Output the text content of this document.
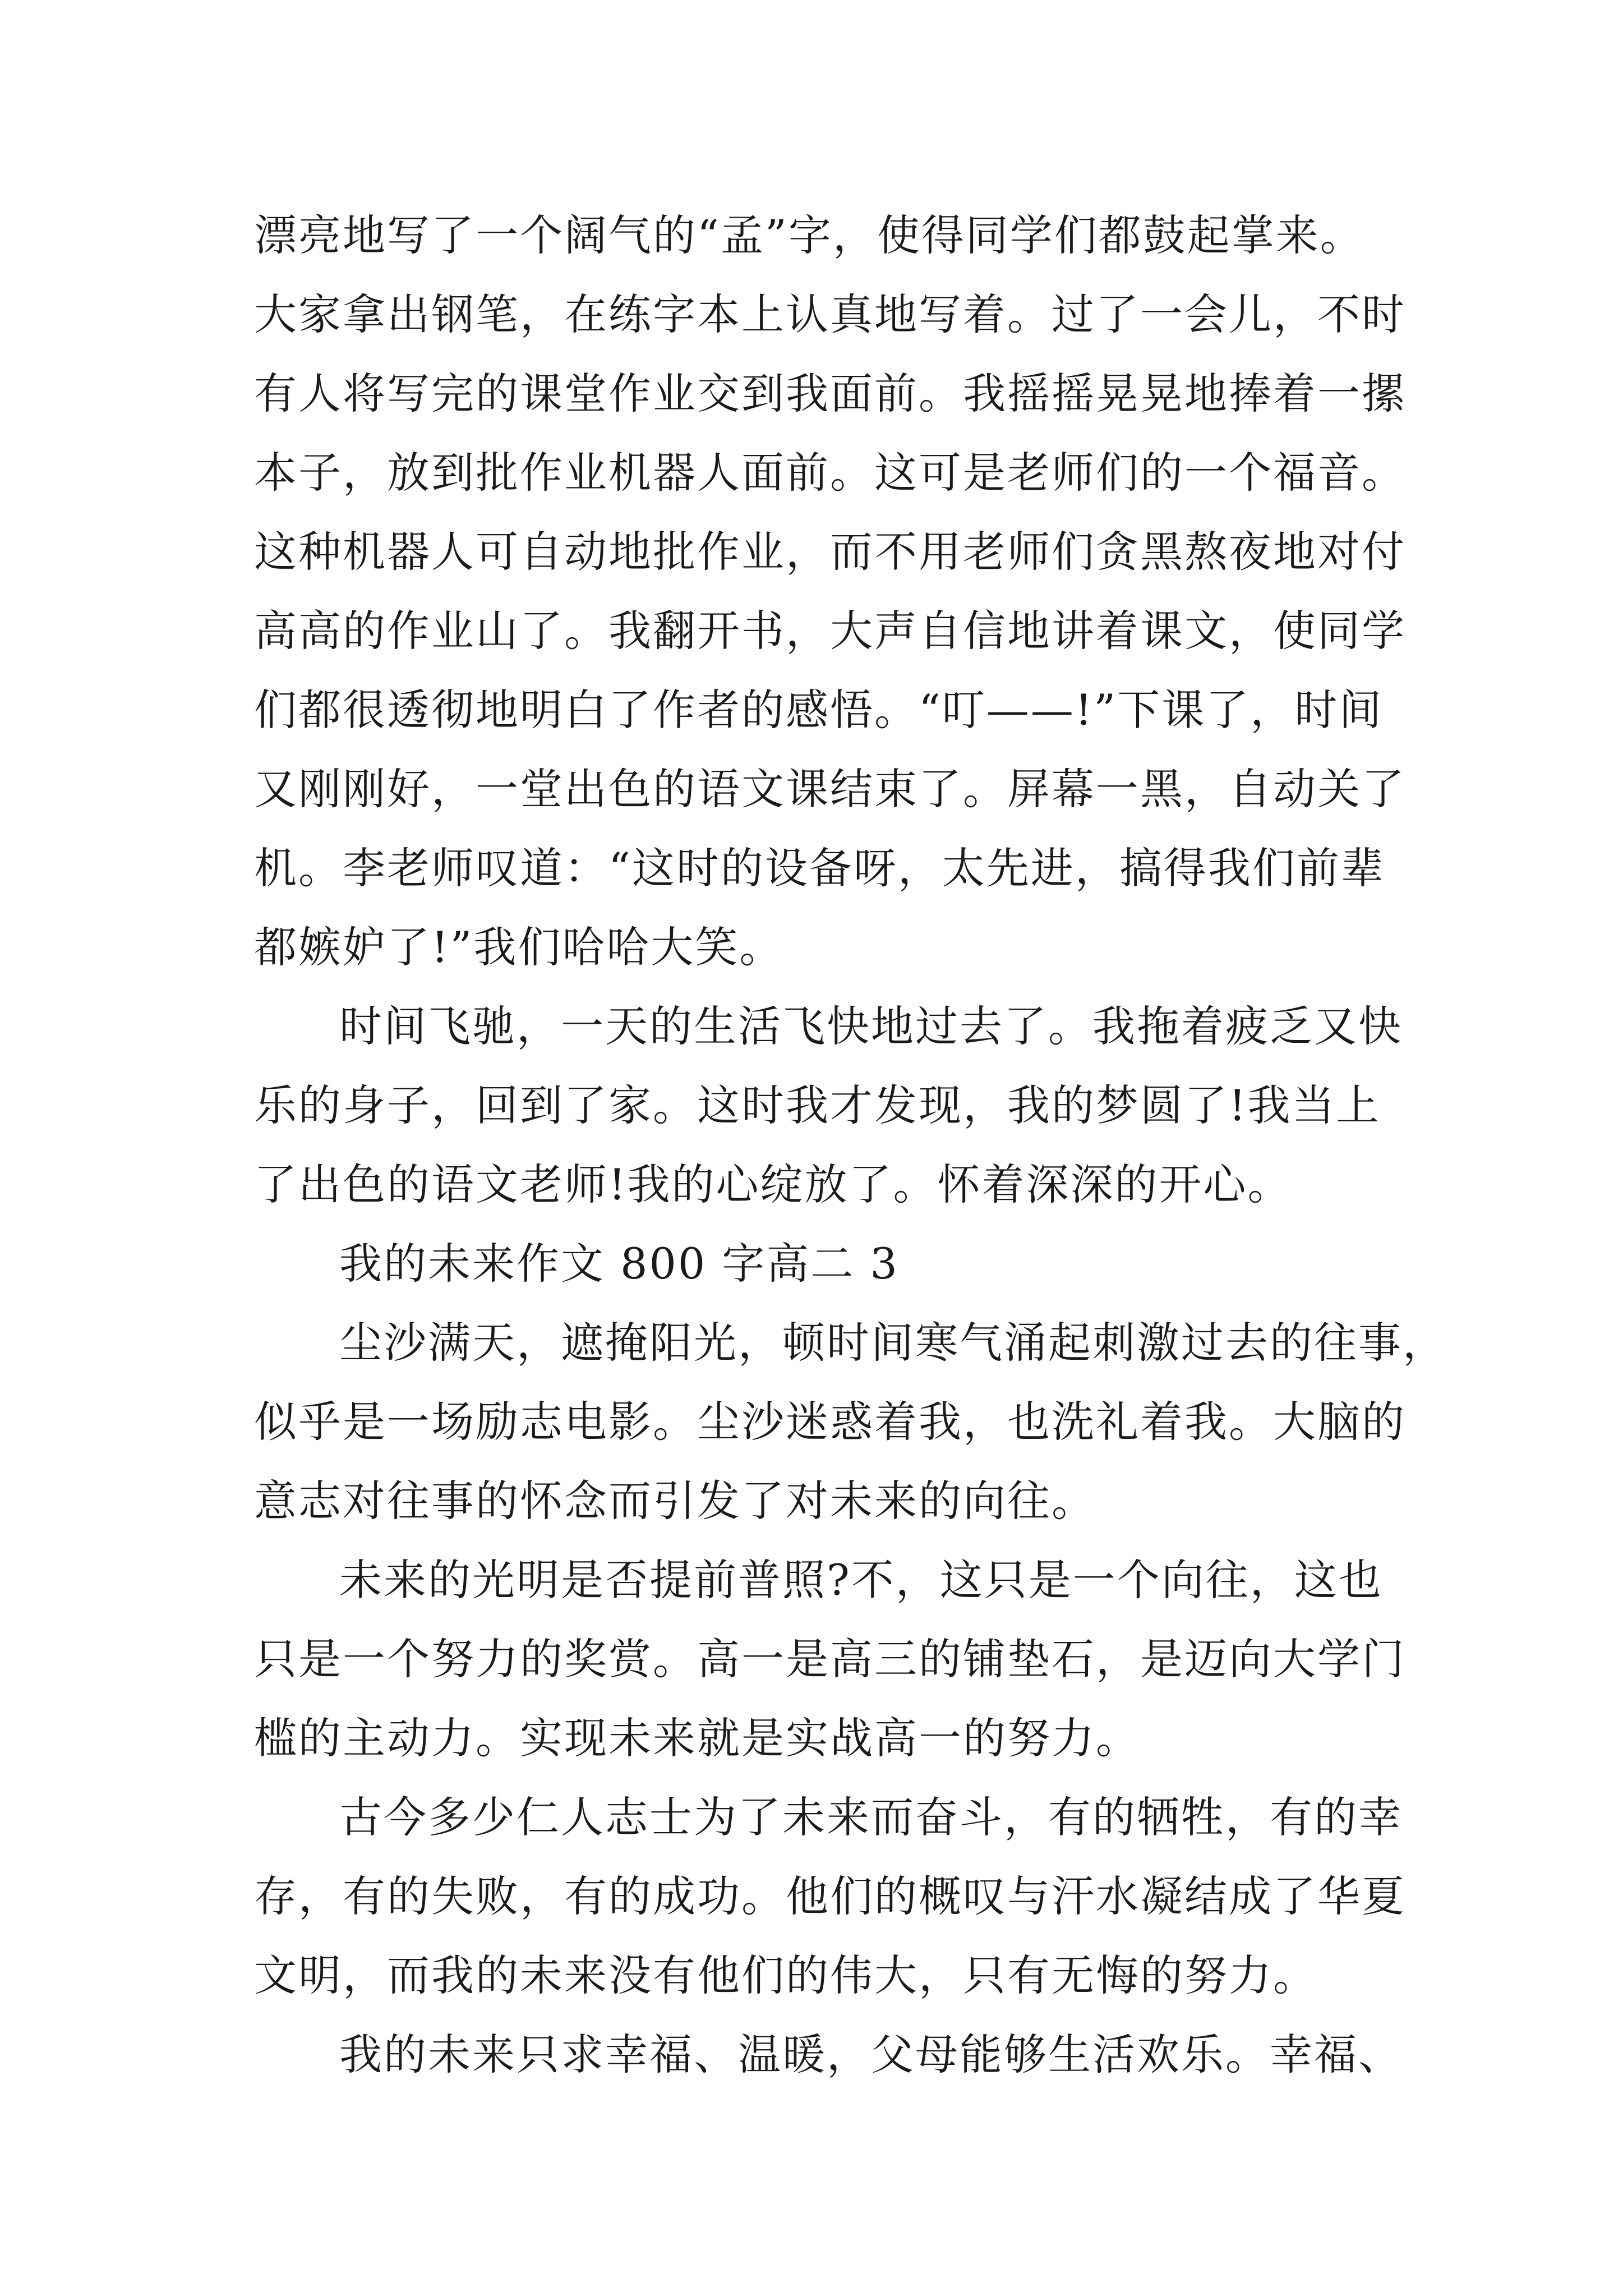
漂亮地写了一个阔气的“孟”字，使得同学们都鼓起掌来。
大家拿出钢笔，在练字本上认真地写着。过了一会儿，不时
有人将写完的课堂作业交到我面前。我摇摇晃晃地捧着一摞
本子，放到批作业机器人面前。这可是老师们的一个福音。
这种机器人可自动地批作业，而不用老师们贪黑熬夜地对付
高高的作业山了。我翻开书，大声自信地讲着课文，使同学
们都很透彻地明白了作者的感悟。“叮——!”下课了，时间
又刚刚好，一堂出色的语文课结束了。屏幕一黑，自动关了
机。李老师叹道：“这时的设备呀，太先进，搞得我们前辈
都嫉妒了!”我们哈哈大笑。
时间飞驰，一天的生活飞快地过去了。我拖着疲乏又快
乐的身子，回到了家。这时我才发现，我的梦圆了!我当上
了出色的语文老师!我的心绽放了。怀着深深的开心。
我的未来作文 800 字高二 3
尘沙满天，遮掩阳光，顿时间寒气涌起刺激过去的往事，
似乎是一场励志电影。尘沙迷惑着我，也洗礼着我。大脑的
意志对往事的怀念而引发了对未来的向往。
未来的光明是否提前普照?不，这只是一个向往，这也
只是一个努力的奖赏。高一是高三的铺垫石，是迈向大学门
槛的主动力。实现未来就是实战高一的努力。
古今多少仁人志士为了未来而奋斗，有的牺牲，有的幸
存，有的失败，有的成功。他们的概叹与汗水凝结成了华夏
文明，而我的未来没有他们的伟大，只有无悔的努力。
我的未来只求幸福、温暖，父母能够生活欢乐。幸福、
